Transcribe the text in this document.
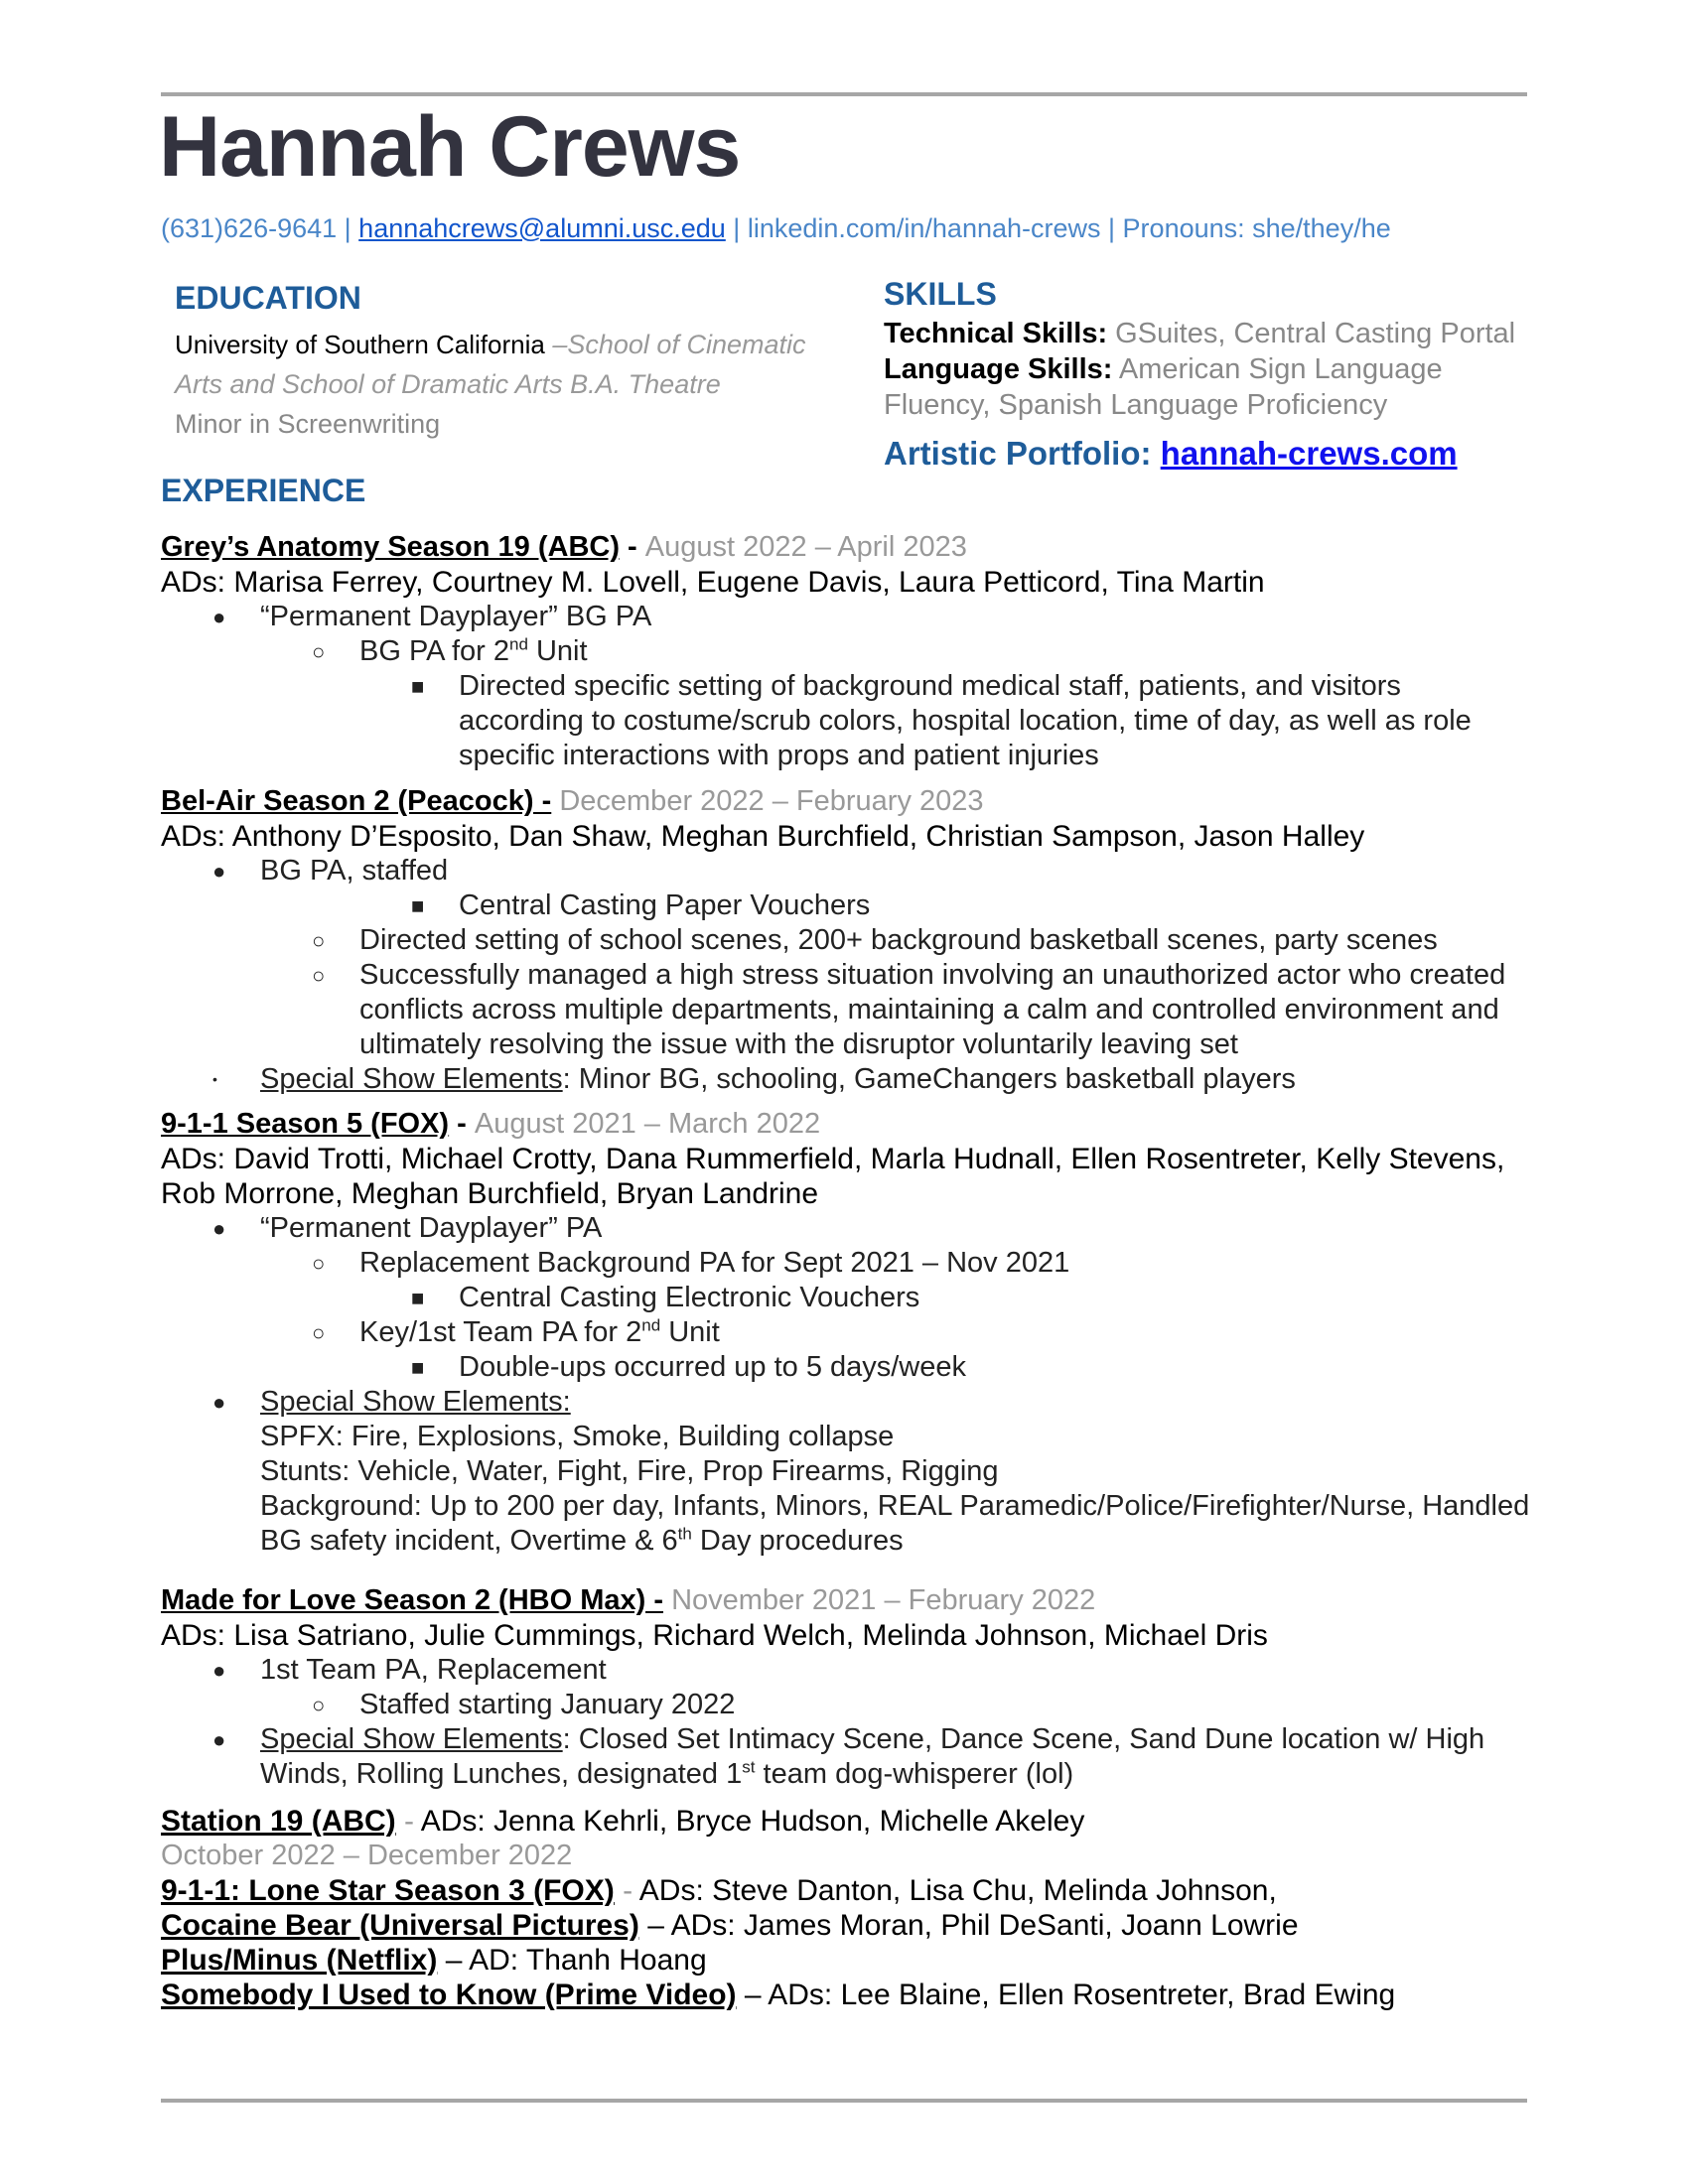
Hannah Crews
(631)626-9641 | hannahcrews@alumni.usc.edu | linkedin.com/in/hannah-crews | Pronouns: she/they/he
EDUCATION
University of Southern California –School of Cinematic Arts and School of Dramatic Arts B.A. Theatre
Minor in Screenwriting
SKILLS
Technical Skills: GSuites, Central Casting Portal
Language Skills: American Sign Language Fluency, Spanish Language Proficiency
Artistic Portfolio: hannah-crews.com
EXPERIENCE
Grey’s Anatomy Season 19 (ABC) - August 2022 – April 2023
ADs: Marisa Ferrey, Courtney M. Lovell, Eugene Davis, Laura Petticord, Tina Martin
● “Permanent Dayplayer” BG PA
○ BG PA for 2nd Unit
■ Directed specific setting of background medical staff, patients, and visitors
according to costume/scrub colors, hospital location, time of day, as well as role
specific interactions with props and patient injuries
Bel-Air Season 2 (Peacock) - December 2022 – February 2023
ADs: Anthony D’Esposito, Dan Shaw, Meghan Burchfield, Christian Sampson, Jason Halley
● BG PA, staffed
■ Central Casting Paper Vouchers
○ Directed setting of school scenes, 200+ background basketball scenes, party scenes
○ Successfully managed a high stress situation involving an unauthorized actor who created
conflicts across multiple departments, maintaining a calm and controlled environment and
ultimately resolving the issue with the disruptor voluntarily leaving set
• Special Show Elements: Minor BG, schooling, GameChangers basketball players
9-1-1 Season 5 (FOX) - August 2021 – March 2022
ADs: David Trotti, Michael Crotty, Dana Rummerfield, Marla Hudnall, Ellen Rosentreter, Kelly Stevens,
Rob Morrone, Meghan Burchfield, Bryan Landrine
● “Permanent Dayplayer” PA
○ Replacement Background PA for Sept 2021 – Nov 2021
■ Central Casting Electronic Vouchers
○ Key/1st Team PA for 2nd Unit
■ Double-ups occurred up to 5 days/week
● Special Show Elements:
SPFX: Fire, Explosions, Smoke, Building collapse
Stunts: Vehicle, Water, Fight, Fire, Prop Firearms, Rigging
Background: Up to 200 per day, Infants, Minors, REAL Paramedic/Police/Firefighter/Nurse, Handled
BG safety incident, Overtime & 6th Day procedures
Made for Love Season 2 (HBO Max) - November 2021 – February 2022
ADs: Lisa Satriano, Julie Cummings, Richard Welch, Melinda Johnson, Michael Dris
● 1st Team PA, Replacement
○ Staffed starting January 2022
● Special Show Elements: Closed Set Intimacy Scene, Dance Scene, Sand Dune location w/ High
Winds, Rolling Lunches, designated 1st team dog-whisperer (lol)
Station 19 (ABC) - ADs: Jenna Kehrli, Bryce Hudson, Michelle Akeley
October 2022 – December 2022
9-1-1: Lone Star Season 3 (FOX) - ADs: Steve Danton, Lisa Chu, Melinda Johnson,
Cocaine Bear (Universal Pictures) – ADs: James Moran, Phil DeSanti, Joann Lowrie
Plus/Minus (Netflix) – AD: Thanh Hoang
Somebody I Used to Know (Prime Video) – ADs: Lee Blaine, Ellen Rosentreter, Brad Ewing
